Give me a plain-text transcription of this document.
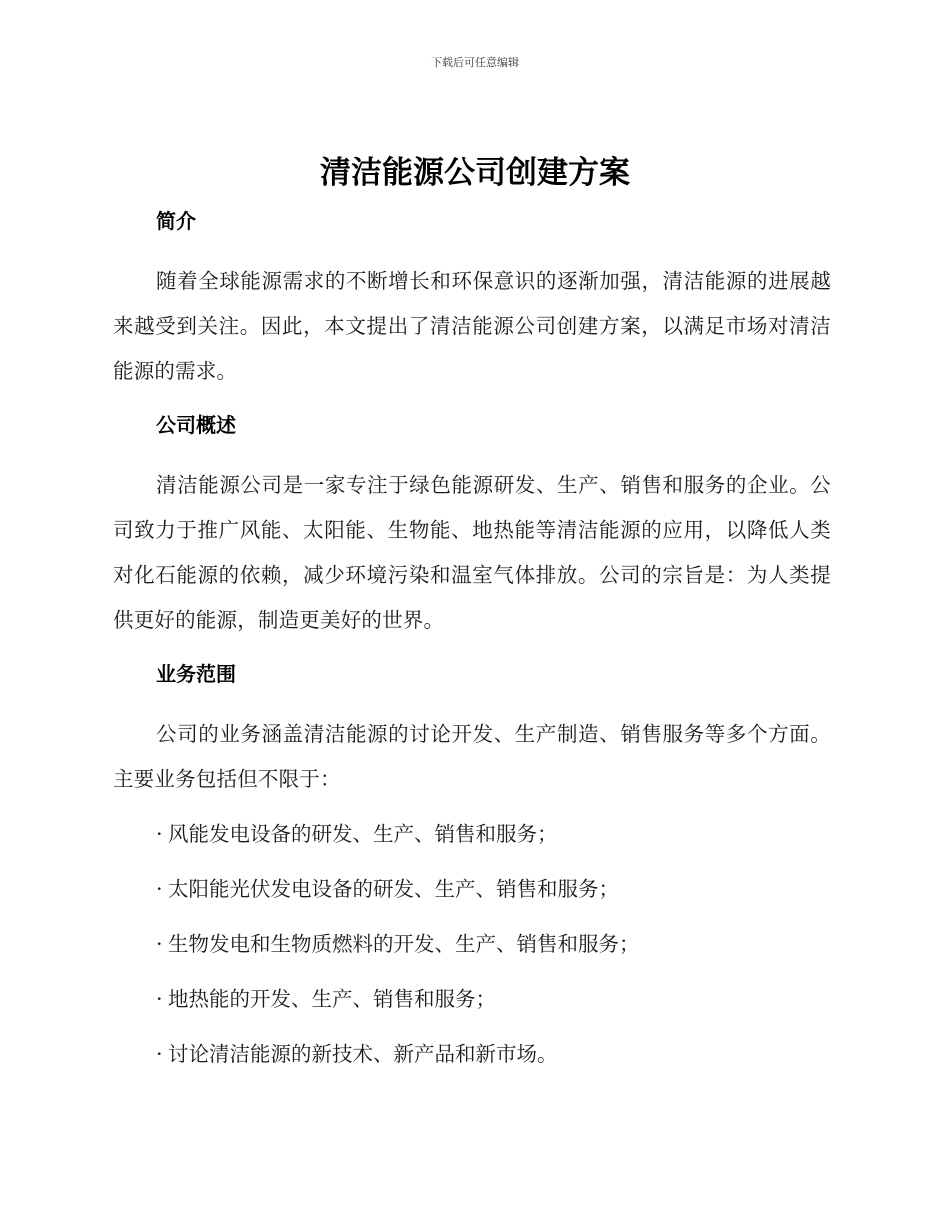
下载后可任意编辑
清洁能源公司创建方案
简介

随着全球能源需求的不断增长和环保意识的逐渐加强，清洁能源的进展越来越受到关注。因此，本文提出了清洁能源公司创建方案，以满足市场对清洁能源的需求。

公司概述

清洁能源公司是一家专注于绿色能源研发、生产、销售和服务的企业。公司致力于推广风能、太阳能、生物能、地热能等清洁能源的应用，以降低人类对化石能源的依赖，减少环境污染和温室气体排放。公司的宗旨是：为人类提供更好的能源，制造更美好的世界。

业务范围

公司的业务涵盖清洁能源的讨论开发、生产制造、销售服务等多个方面。主要业务包括但不限于：

· 风能发电设备的研发、生产、销售和服务；
· 太阳能光伏发电设备的研发、生产、销售和服务；
· 生物发电和生物质燃料的开发、生产、销售和服务；
· 地热能的开发、生产、销售和服务；
· 讨论清洁能源的新技术、新产品和新市场。
